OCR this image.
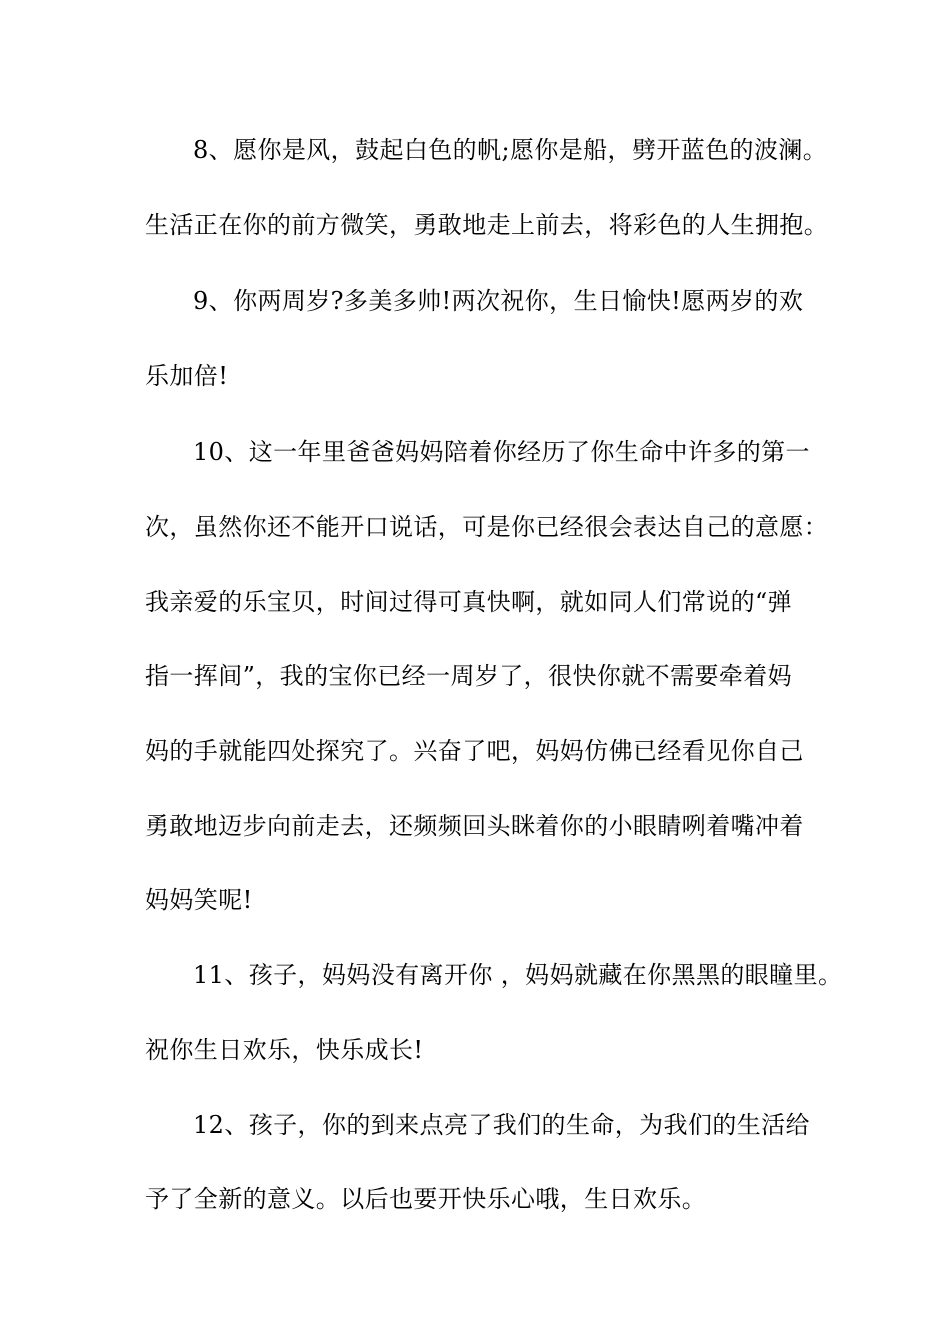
8、愿你是风，鼓起白色的帆;愿你是船，劈开蓝色的波澜。
生活正在你的前方微笑，勇敢地走上前去，将彩色的人生拥抱。
9、你两周岁?多美多帅!两次祝你，生日愉快!愿两岁的欢
乐加倍!
10、这一年里爸爸妈妈陪着你经历了你生命中许多的第一
次，虽然你还不能开口说话，可是你已经很会表达自己的意愿：
我亲爱的乐宝贝，时间过得可真快啊，就如同人们常说的“弹
指一挥间”，我的宝你已经一周岁了，很快你就不需要牵着妈
妈的手就能四处探究了。兴奋了吧，妈妈仿佛已经看见你自己
勇敢地迈步向前走去，还频频回头眯着你的小眼睛咧着嘴冲着
妈妈笑呢!
11、孩子，妈妈没有离开你 ，妈妈就藏在你黑黑的眼瞳里。
祝你生日欢乐，快乐成长!
12、孩子，你的到来点亮了我们的生命，为我们的生活给
予了全新的意义。以后也要开快乐心哦，生日欢乐。
